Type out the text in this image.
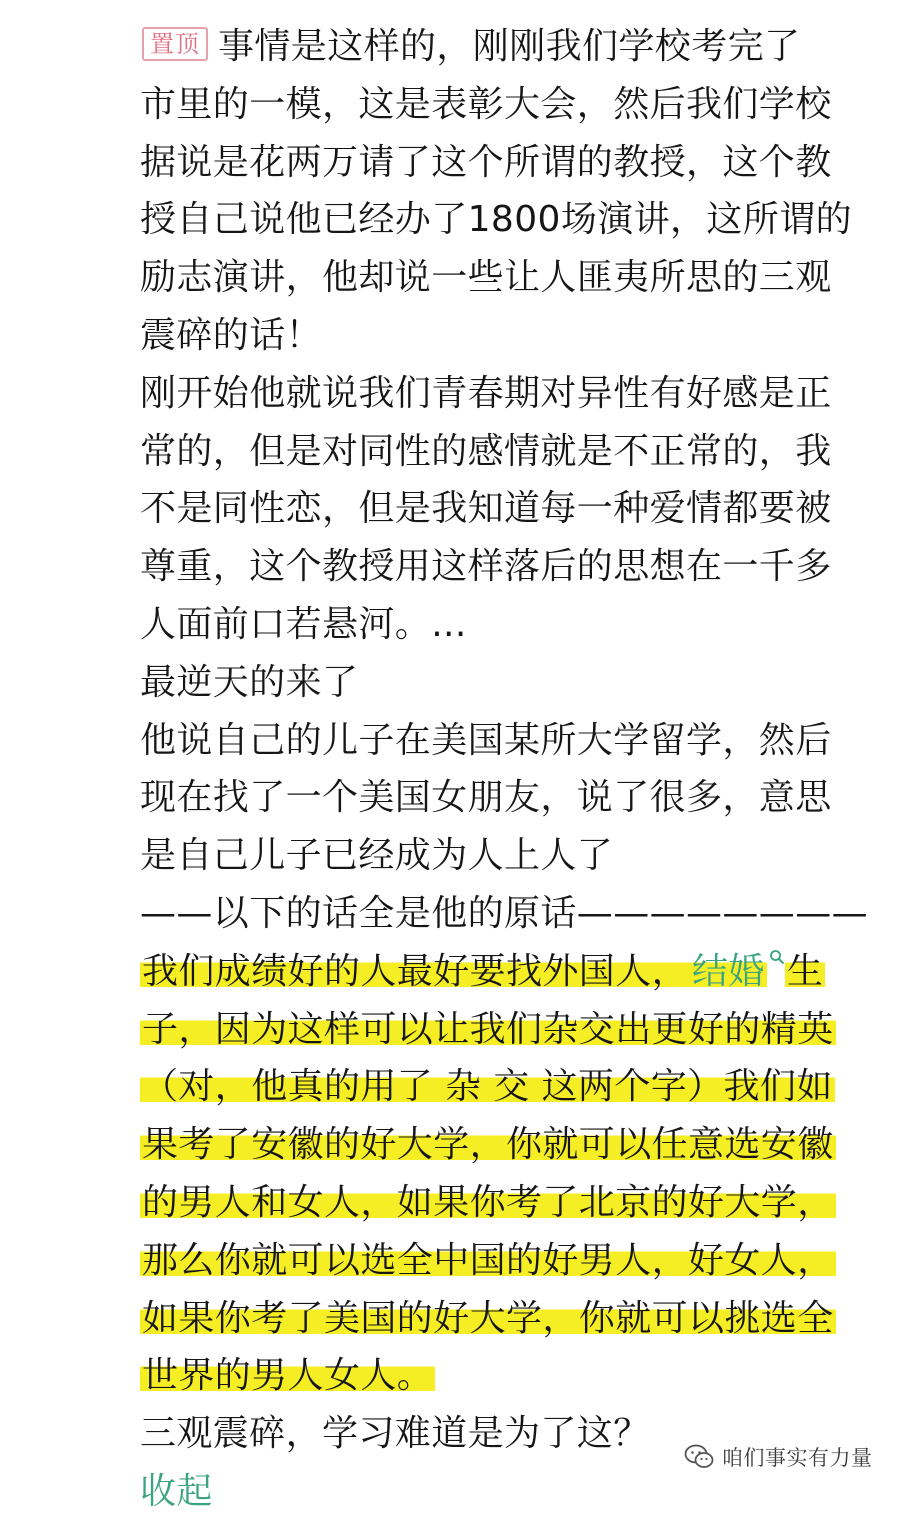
置顶 事情是这样的，刚刚我们学校考完了
市里的一模，这是表彰大会，然后我们学校
据说是花两万请了这个所谓的教授，这个教
授自己说他已经办了1800场演讲，这所谓的
励志演讲，他却说一些让人匪夷所思的三观
震碎的话！
刚开始他就说我们青春期对异性有好感是正
常的，但是对同性的感情就是不正常的，我
不是同性恋，但是我知道每一种爱情都要被
尊重，这个教授用这样落后的思想在一千多
人面前口若悬河。...
最逆天的来了
他说自己的儿子在美国某所大学留学，然后
现在找了一个美国女朋友，说了很多，意思
是自己儿子已经成为人上人了
——以下的话全是他的原话————————
我们成绩好的人最好要找外国人， 结婚 生
子，因为这样可以让我们杂交出更好的精英
（对，他真的用了 杂 交 这两个字）我们如
果考了安徽的好大学，你就可以任意选安徽
的男人和女人，如果你考了北京的好大学，
那么你就可以选全中国的好男人，好女人，
如果你考了美国的好大学，你就可以挑选全
世界的男人女人。
三观震碎，学习难道是为了这？
收起
咱们事实有力量
